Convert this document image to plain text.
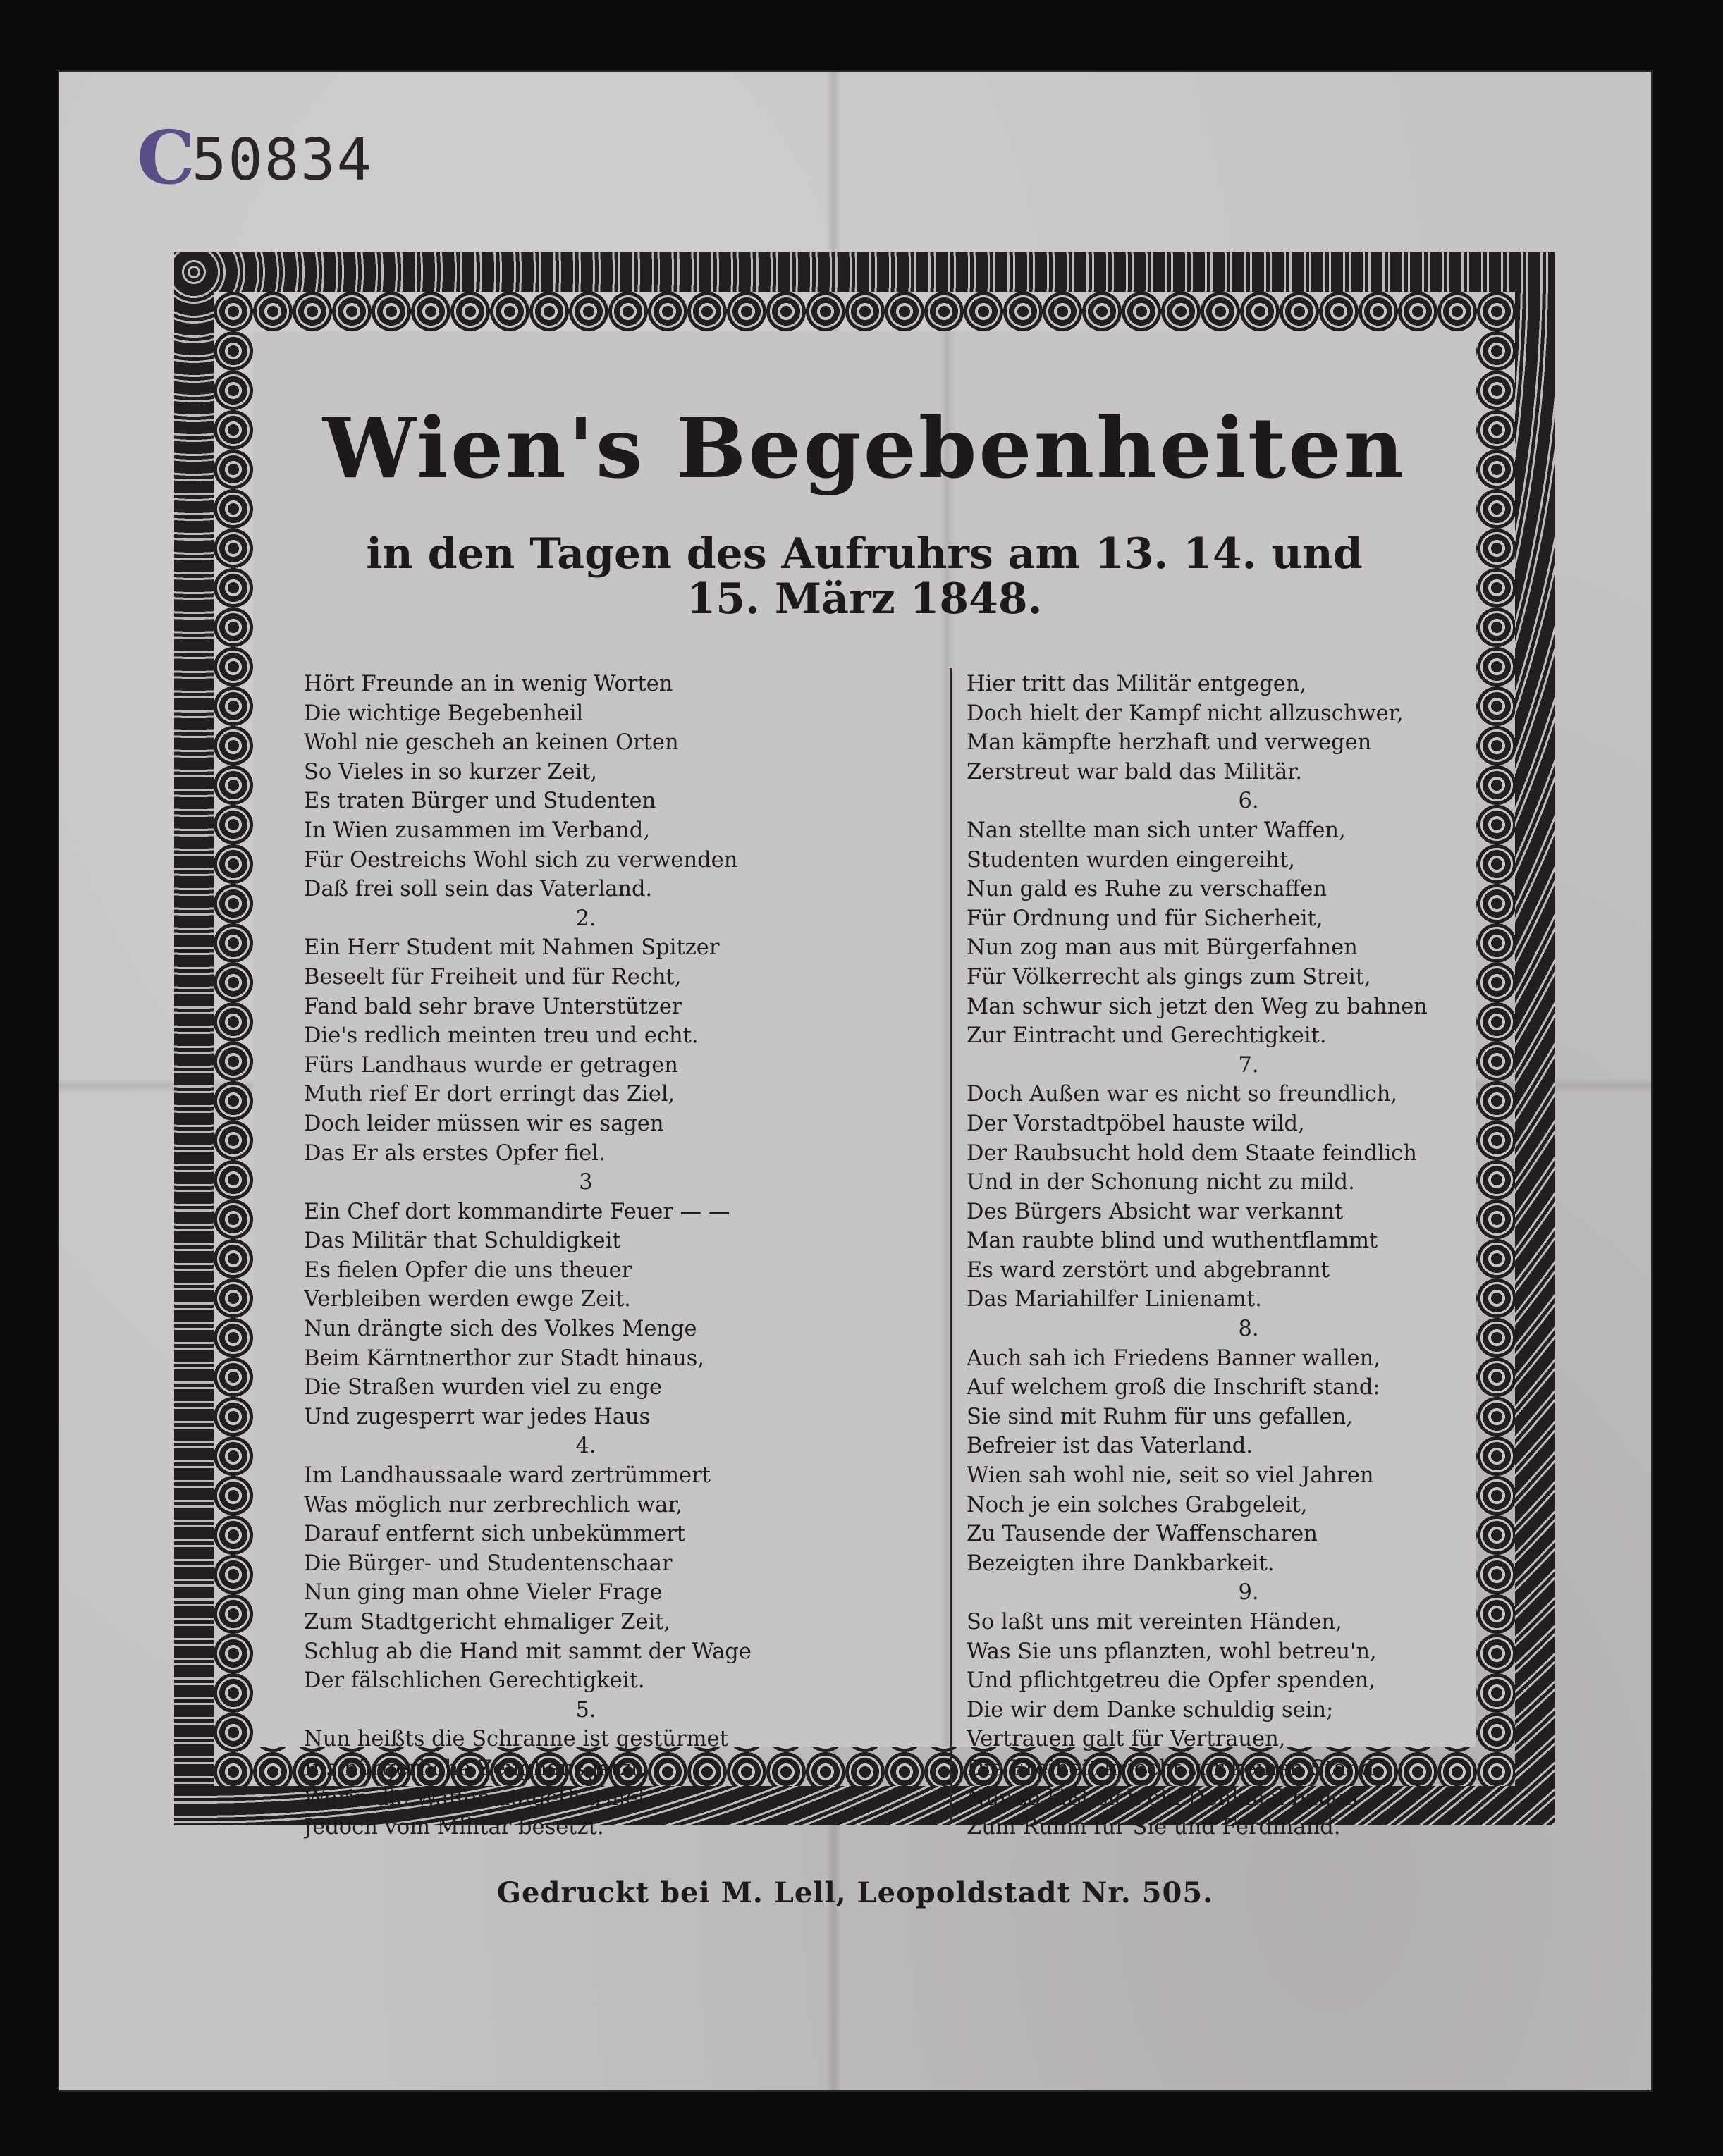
C
50834
Wien's Begebenheiten
in den Tagen des Aufruhrs am 13. 14. und 15. März 1848.
Hört Freunde an in wenig Worten
Die wichtige Begebenheil
Wohl nie gesch⁠eh an keinen Orten
So Vieles in so kurzer Zeit,
Es traten Bürger und Studenten
In Wien zusammen im Verband,
Für Oestreichs Wohl sich zu verwenden
Daß frei soll sein das Vaterland.
2.
Ein Herr Student mit Nahmen Spitzer
Beseelt für Freiheit und für Recht,
Fand bald sehr brave Unterstützer
Die's redlich meinten treu und echt.
Fürs Landhaus wurde er getragen
Muth rief Er dort erringt das Ziel,
Doch leider müssen wir es sagen
Das Er als erstes Opfer fiel.
3
Ein Chef dort kommandirte Feuer — —
Das Militär that Schuldigkeit
Es fielen Opfer die uns theuer
Verbleiben werden ewge Zeit.
Nun drängte sich des Volkes Menge
Beim Kärntnerthor zur Stadt hinaus,
Die Straßen wurden viel zu enge
Und zugesperrt war jedes Haus
4.
Im Landhaussaale ward zertrümmert
Was möglich nur zerbrechlich war,
Darauf entfernt sich unbekümmert
Die Bürger- und Studentenschaar
Nun ging man ohne Vieler Frage
Zum Stadtgericht ehmaliger Zeit,
Schlug ab die Hand mit sammt der Wage
Der fälschlichen Gerechtigkeit.
5.
Nun heißts die Schranne ist gestürmet
Ins bürgerliche Zeughaus jetzt,
Worin die Waffen aufgethürmet
Jedoch vom Militär besetzt.
Hier tritt das Militär entgegen,
Doch hielt der Kampf nicht allzuschwer,
Man kämpfte herzhaft und verwegen
Zerstreut war bald das Militär.
6.
Nan stellte man sich unter Waffen,
Studenten wurden eingereiht,
Nun gald es Ruhe zu verschaffen
Für Ordnung und für Sicherheit,
Nun zog man aus mit Bürgerfahnen
Für Völkerrecht als gings zum Streit,
Man schwur sich jetzt den Weg zu bahnen
Zur Eintracht und Gerechtigkeit.
7.
Doch Außen war es nicht so freundlich,
Der Vorstadtpöbel hauste wild,
Der Raubsucht hold dem Staate feindlich
Und in der Schonung nicht zu mild.
Des Bürgers Absicht war verkannt
Man raubte blind und wuthentflammt
Es ward zerstört und abgebrannt
Das Mariahilfer Linienamt.
8.
Auch sah ich Friedens Banner wallen,
Auf welchem groß die Inschrift stand:
Sie sind mit Ruhm für uns gefallen,
Befreier ist das Vaterland.
Wien sah wohl nie, seit so viel Jahren
Noch je ein solches Grabgeleit,
Zu Tausende der Waffenscharen
Bezeigten ihre Dankbarkeit.
9.
So laßt uns mit vereinten Händen,
Was Sie uns pflanzten, wohl betreu'n,
Und pflichtgetreu die Opfer spenden,
Die wir dem Danke schuldig sein;
Vertrauen galt für Vertrauen,
Die Freiheit kriecht vor keinen Stand.
Nur so läßt sich ein Denkmal bauen
Zum Ruhm für Sie und Ferdinand.
Gedruckt bei M. Lell, Leopoldstadt Nr. 505.
